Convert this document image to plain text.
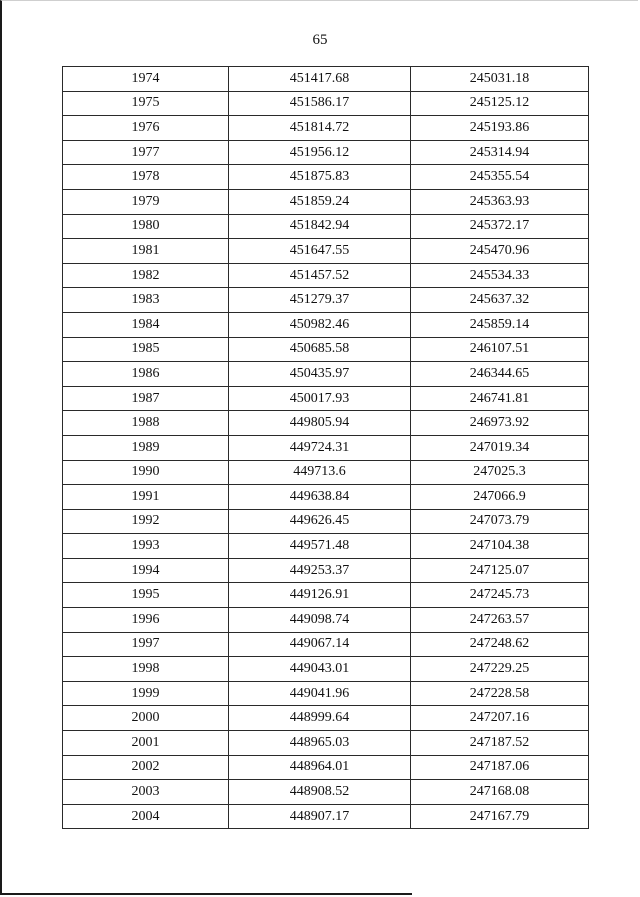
65
1974	451417.68	245031.18
1975	451586.17	245125.12
1976	451814.72	245193.86
1977	451956.12	245314.94
1978	451875.83	245355.54
1979	451859.24	245363.93
1980	451842.94	245372.17
1981	451647.55	245470.96
1982	451457.52	245534.33
1983	451279.37	245637.32
1984	450982.46	245859.14
1985	450685.58	246107.51
1986	450435.97	246344.65
1987	450017.93	246741.81
1988	449805.94	246973.92
1989	449724.31	247019.34
1990	449713.6	247025.3
1991	449638.84	247066.9
1992	449626.45	247073.79
1993	449571.48	247104.38
1994	449253.37	247125.07
1995	449126.91	247245.73
1996	449098.74	247263.57
1997	449067.14	247248.62
1998	449043.01	247229.25
1999	449041.96	247228.58
2000	448999.64	247207.16
2001	448965.03	247187.52
2002	448964.01	247187.06
2003	448908.52	247168.08
2004	448907.17	247167.79
